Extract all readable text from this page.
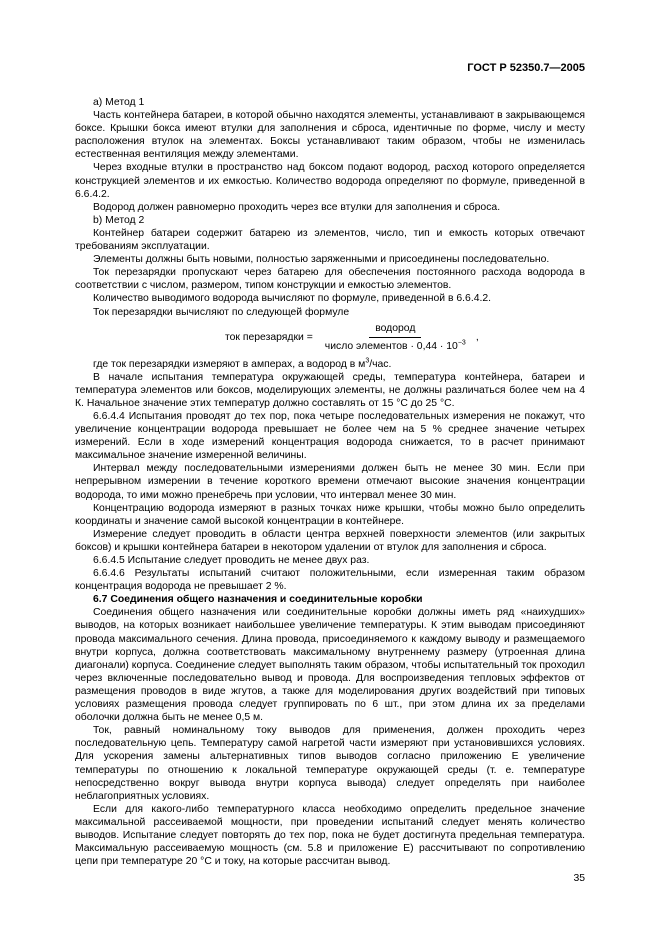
ГОСТ Р 52350.7—2005

а) Метод 1

Часть контейнера батареи, в которой обычно находятся элементы, устанавливают в закрывающемся боксе. Крышки бокса имеют втулки для заполнения и сброса, идентичные по форме, числу и месту расположения втулок на элементах. Боксы устанавливают таким образом, чтобы не изменилась естественная вентиляция между элементами.

Через входные втулки в пространство над боксом подают водород, расход которого определяется конструкцией элементов и их емкостью. Количество водорода определяют по формуле, приведенной в 6.6.4.2.

Водород должен равномерно проходить через все втулки для заполнения и сброса.

b) Метод 2

Контейнер батареи содержит батарею из элементов, число, тип и емкость которых отвечают требованиям эксплуатации.

Элементы должны быть новыми, полностью заряженными и присоединены последовательно.

Ток перезарядки пропускают через батарею для обеспечения постоянного расхода водорода в соответствии с числом, размером, типом конструкции и емкостью элементов.

Количество выводимого водорода вычисляют по формуле, приведенной в 6.6.4.2.

Ток перезарядки вычисляют по следующей формуле

ток перезарядки = $\frac{\text{водород}}{число элементов \cdot 0,44 \cdot 10^{-3}}$ ,

где ток перезарядки измеряют в амперах, а водород в $м^3$/час.

В начале испытания температура окружающей среды, температура контейнера, батареи и температура элементов или боксов, моделирующих элементы, не должны различаться более чем на 4 К. Начальное значение этих температур должно составлять от 15 °С до 25 °С.

6.6.4.4 Испытания проводят до тех пор, пока четыре последовательных измерения не покажут, что увеличение концентрации водорода превышает не более чем на 5 % среднее значение четырех измерений. Если в ходе измерений концентрация водорода снижается, то в расчет принимают максимальное значение измеренной величины.

Интервал между последовательными измерениями должен быть не менее 30 мин. Если при непрерывном измерении в течение короткого времени отмечают высокие значения концентрации водорода, то ими можно пренебречь при условии, что интервал менее 30 мин.

Концентрацию водорода измеряют в разных точках ниже крышки, чтобы можно было определить координаты и значение самой высокой концентрации в контейнере.

Измерение следует проводить в области центра верхней поверхности элементов (или закрытых боксов) и крышки контейнера батареи в некотором удалении от втулок для заполнения и сброса.

6.6.4.5 Испытание следует проводить не менее двух раз.

6.6.4.6 Результаты испытаний считают положительными, если измеренная таким образом концентрация водорода не превышает 2 %.

6.7 Соединения общего назначения и соединительные коробки

Соединения общего назначения или соединительные коробки должны иметь ряд «наихудших» выводов, на которых возникает наибольшее увеличение температуры. К этим выводам присоединяют провода максимального сечения. Длина провода, присоединяемого к каждому выводу и размещаемого внутри корпуса, должна соответствовать максимальному внутреннему размеру (утроенная длина диагонали) корпуса. Соединение следует выполнять таким образом, чтобы испытательный ток проходил через включенные последовательно вывод и провода. Для воспроизведения тепловых эффектов от размещения проводов в виде жгутов, а также для моделирования других воздействий при типовых условиях размещения провода следует группировать по 6 шт., при этом длина их за пределами оболочки должна быть не менее 0,5 м.

Ток, равный номинальному току выводов для применения, должен проходить через последовательную цепь. Температуру самой нагретой части измеряют при установившихся условиях. Для ускорения замены альтернативных типов выводов согласно приложению Е увеличение температуры по отношению к локальной температуре окружающей среды (т. е. температуре непосредственно вокруг вывода внутри корпуса вывода) следует определять при наиболее неблагоприятных условиях.

Если для какого-либо температурного класса необходимо определить предельное значение максимальной рассеиваемой мощности, при проведении испытаний следует менять количество выводов. Испытание следует повторять до тех пор, пока не будет достигнута предельная температура. Максимальную рассеиваемую мощность (см. 5.8 и приложение Е) рассчитывают по сопротивлению цепи при температуре 20 °С и току, на которые рассчитан вывод.

35
